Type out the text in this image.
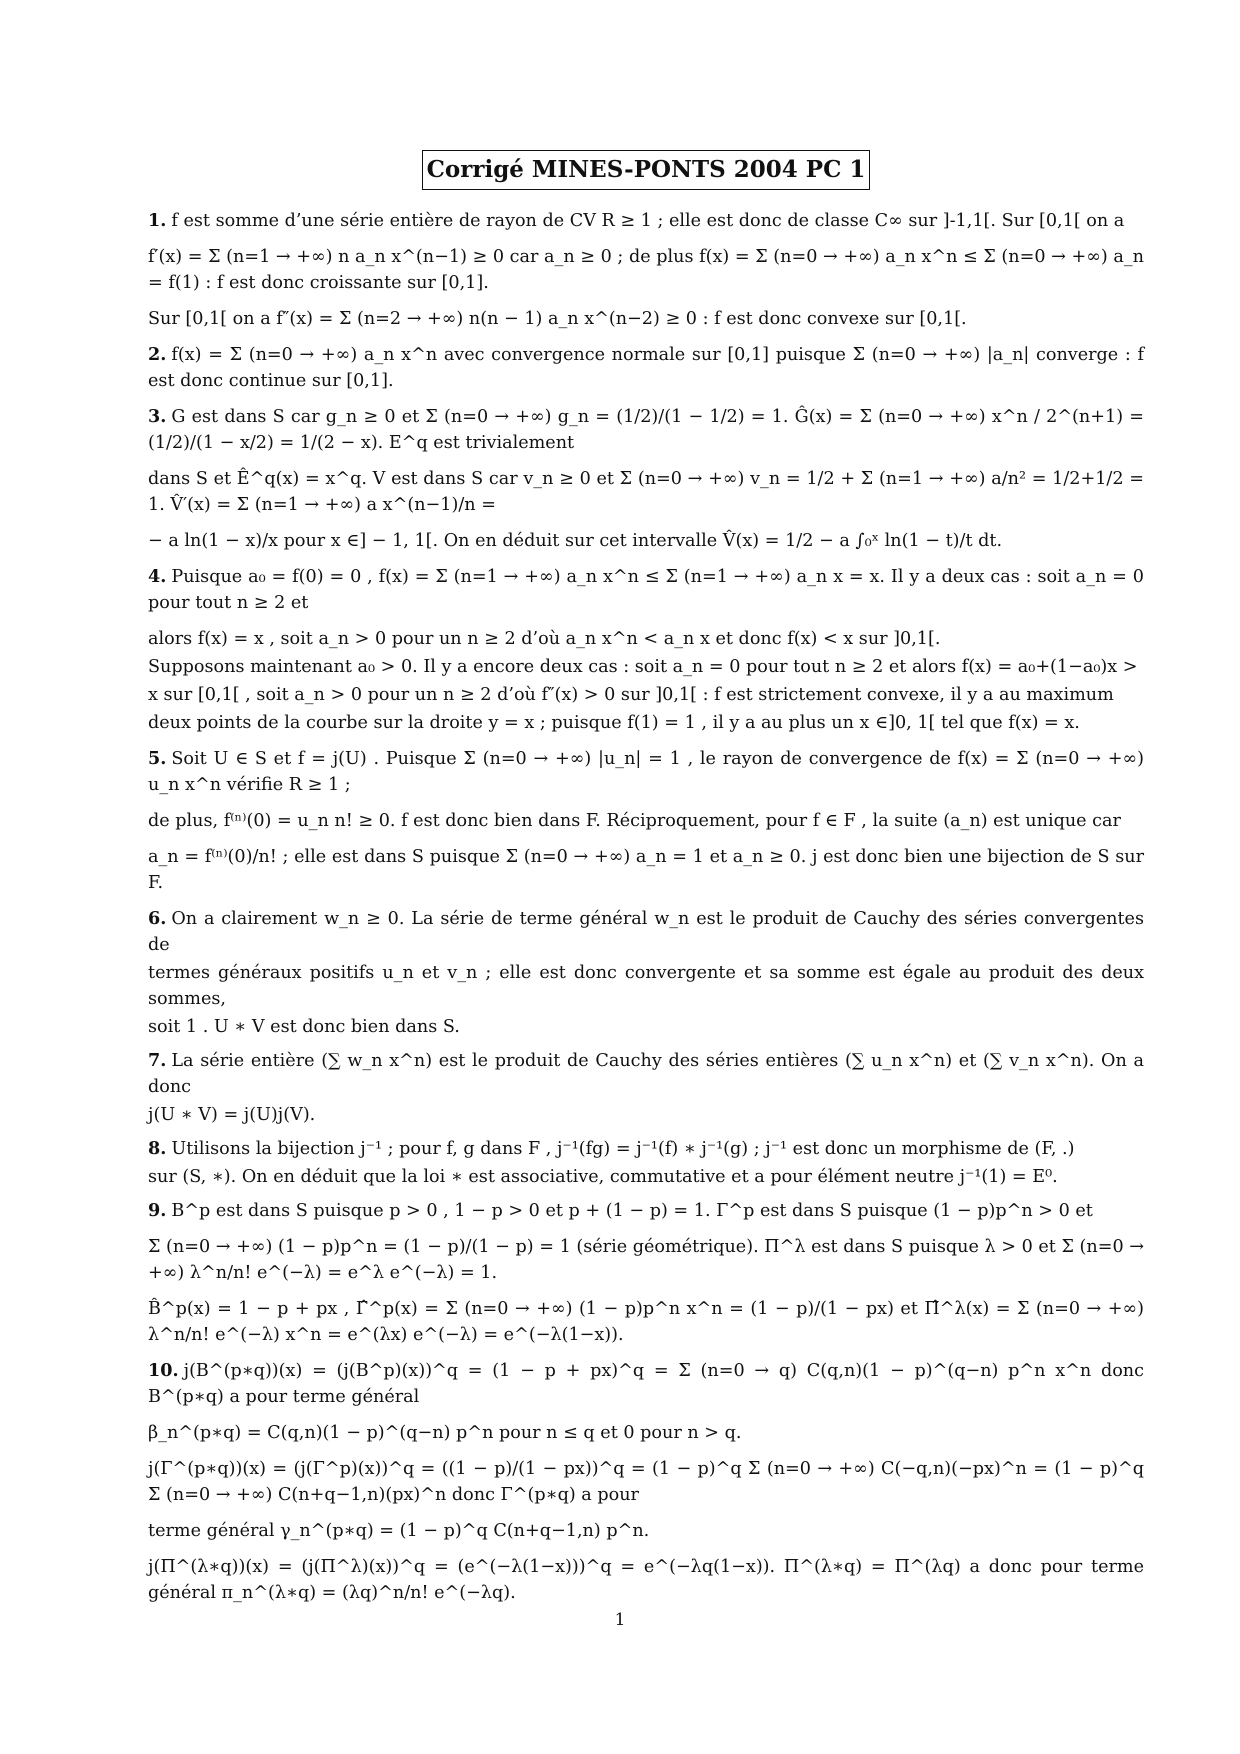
Corrigé MINES-PONTS 2004 PC 1
1. f est somme d’une série entière de rayon de CV R ≥ 1 ; elle est donc de classe C∞ sur ]-1,1[. Sur [0,1[ on a
f′(x) = Σ (n=1 → +∞) n a_n x^(n−1) ≥ 0 car a_n ≥ 0 ; de plus f(x) = Σ (n=0 → +∞) a_n x^n ≤ Σ (n=0 → +∞) a_n = f(1) : f est donc croissante sur [0,1].
Sur [0,1[ on a f″(x) = Σ (n=2 → +∞) n(n − 1) a_n x^(n−2) ≥ 0 : f est donc convexe sur [0,1[.
2. f(x) = Σ (n=0 → +∞) a_n x^n avec convergence normale sur [0,1] puisque Σ (n=0 → +∞) |a_n| converge : f est donc continue sur [0,1].
3. G est dans S car g_n ≥ 0 et Σ (n=0 → +∞) g_n = (1/2)/(1 − 1/2) = 1. Ĝ(x) = Σ (n=0 → +∞) x^n / 2^(n+1) = (1/2)/(1 − x/2) = 1/(2 − x). E^q est trivialement
dans S et Ê^q(x) = x^q. V est dans S car v_n ≥ 0 et Σ (n=0 → +∞) v_n = 1/2 + Σ (n=1 → +∞) a/n² = 1/2+1/2 = 1. V̂′(x) = Σ (n=1 → +∞) a x^(n−1)/n =
− a ln(1 − x)/x pour x ∈] − 1, 1[. On en déduit sur cet intervalle V̂(x) = 1/2 − a ∫₀ˣ ln(1 − t)/t dt.
4. Puisque a₀ = f(0) = 0 , f(x) = Σ (n=1 → +∞) a_n x^n ≤ Σ (n=1 → +∞) a_n x = x. Il y a deux cas : soit a_n = 0 pour tout n ≥ 2 et
alors f(x) = x , soit a_n > 0 pour un n ≥ 2 d’où a_n x^n < a_n x et donc f(x) < x sur ]0,1[.
Supposons maintenant a₀ > 0. Il y a encore deux cas : soit a_n = 0 pour tout n ≥ 2 et alors f(x) = a₀+(1−a₀)x >
x sur [0,1[ , soit a_n > 0 pour un n ≥ 2 d’où f″(x) > 0 sur ]0,1[ : f est strictement convexe, il y a au maximum
deux points de la courbe sur la droite y = x ; puisque f(1) = 1 , il y a au plus un x ∈]0, 1[ tel que f(x) = x.
5. Soit U ∈ S et f = j(U) . Puisque Σ (n=0 → +∞) |u_n| = 1 , le rayon de convergence de f(x) = Σ (n=0 → +∞) u_n x^n vérifie R ≥ 1 ;
de plus, f⁽ⁿ⁾(0) = u_n n! ≥ 0. f est donc bien dans F. Réciproquement, pour f ∈ F , la suite (a_n) est unique car
a_n = f⁽ⁿ⁾(0)/n! ; elle est dans S puisque Σ (n=0 → +∞) a_n = 1 et a_n ≥ 0. j est donc bien une bijection de S sur F.
6. On a clairement w_n ≥ 0. La série de terme général w_n est le produit de Cauchy des séries convergentes de
termes généraux positifs u_n et v_n ; elle est donc convergente et sa somme est égale au produit des deux sommes,
soit 1 . U ∗ V est donc bien dans S.
7. La série entière (∑ w_n x^n) est le produit de Cauchy des séries entières (∑ u_n x^n) et (∑ v_n x^n). On a donc
j(U ∗ V) = j(U)j(V).
8. Utilisons la bijection j⁻¹ ; pour f, g dans F , j⁻¹(fg) = j⁻¹(f) ∗ j⁻¹(g) ; j⁻¹ est donc un morphisme de (F, .)
sur (S, ∗). On en déduit que la loi ∗ est associative, commutative et a pour élément neutre j⁻¹(1) = E⁰.
9. B^p est dans S puisque p > 0 , 1 − p > 0 et p + (1 − p) = 1. Γ^p est dans S puisque (1 − p)p^n > 0 et
Σ (n=0 → +∞) (1 − p)p^n = (1 − p)/(1 − p) = 1 (série géométrique). Π^λ est dans S puisque λ > 0 et Σ (n=0 → +∞) λ^n/n! e^(−λ) = e^λ e^(−λ) = 1.
B̂^p(x) = 1 − p + px , Γ̂^p(x) = Σ (n=0 → +∞) (1 − p)p^n x^n = (1 − p)/(1 − px) et Π̂^λ(x) = Σ (n=0 → +∞) λ^n/n! e^(−λ) x^n = e^(λx) e^(−λ) = e^(−λ(1−x)).
10. j(B^(p∗q))(x) = (j(B^p)(x))^q = (1 − p + px)^q = Σ (n=0 → q) C(q,n)(1 − p)^(q−n) p^n x^n donc B^(p∗q) a pour terme général
β_n^(p∗q) = C(q,n)(1 − p)^(q−n) p^n pour n ≤ q et 0 pour n > q.
j(Γ^(p∗q))(x) = (j(Γ^p)(x))^q = ((1 − p)/(1 − px))^q = (1 − p)^q Σ (n=0 → +∞) C(−q,n)(−px)^n = (1 − p)^q Σ (n=0 → +∞) C(n+q−1,n)(px)^n donc Γ^(p∗q) a pour
terme général γ_n^(p∗q) = (1 − p)^q C(n+q−1,n) p^n.
j(Π^(λ∗q))(x) = (j(Π^λ)(x))^q = (e^(−λ(1−x)))^q = e^(−λq(1−x)). Π^(λ∗q) = Π^(λq) a donc pour terme général π_n^(λ∗q) = (λq)^n/n! e^(−λq).
1
